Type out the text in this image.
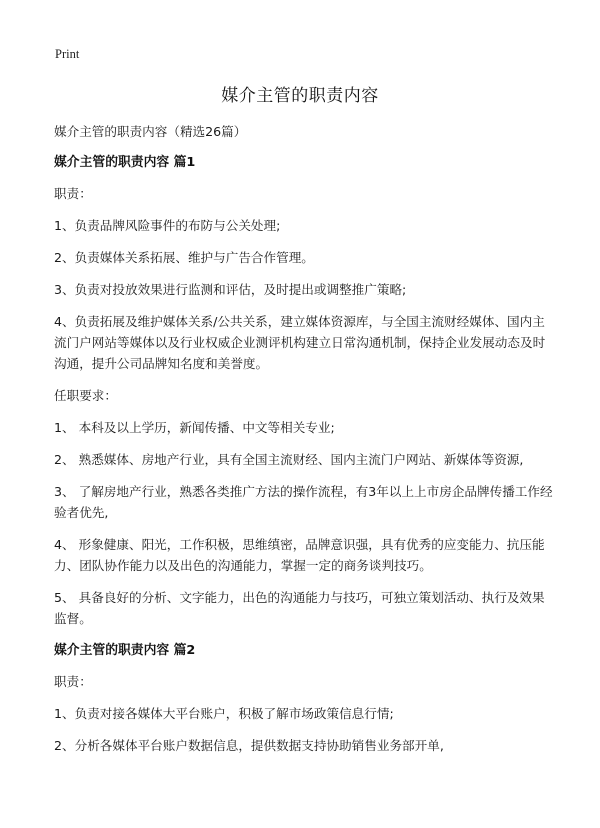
Print
媒介主管的职责内容

媒介主管的职责内容（精选26篇）

媒介主管的职责内容 篇1

职责：

1、负责品牌风险事件的布防与公关处理;

2、负责媒体关系拓展、维护与广告合作管理。

3、负责对投放效果进行监测和评估，及时提出或调整推广策略;

4、负责拓展及维护媒体关系/公共关系，建立媒体资源库，与全国主流财经媒体、国内主流门户网站等媒体以及行业权威企业测评机构建立日常沟通机制，保持企业发展动态及时沟通，提升公司品牌知名度和美誉度。

任职要求：

1、 本科及以上学历，新闻传播、中文等相关专业;

2、 熟悉媒体、房地产行业，具有全国主流财经、国内主流门户网站、新媒体等资源,

3、 了解房地产行业，熟悉各类推广方法的操作流程，有3年以上上市房企品牌传播工作经验者优先,

4、 形象健康、阳光，工作积极，思维缜密，品牌意识强，具有优秀的应变能力、抗压能力、团队协作能力以及出色的沟通能力，掌握一定的商务谈判技巧。

5、 具备良好的分析、文字能力，出色的沟通能力与技巧，可独立策划活动、执行及效果监督。

媒介主管的职责内容 篇2

职责：

1、负责对接各媒体大平台账户，积极了解市场政策信息行情;

2、分析各媒体平台账户数据信息，提供数据支持协助销售业务部开单,
